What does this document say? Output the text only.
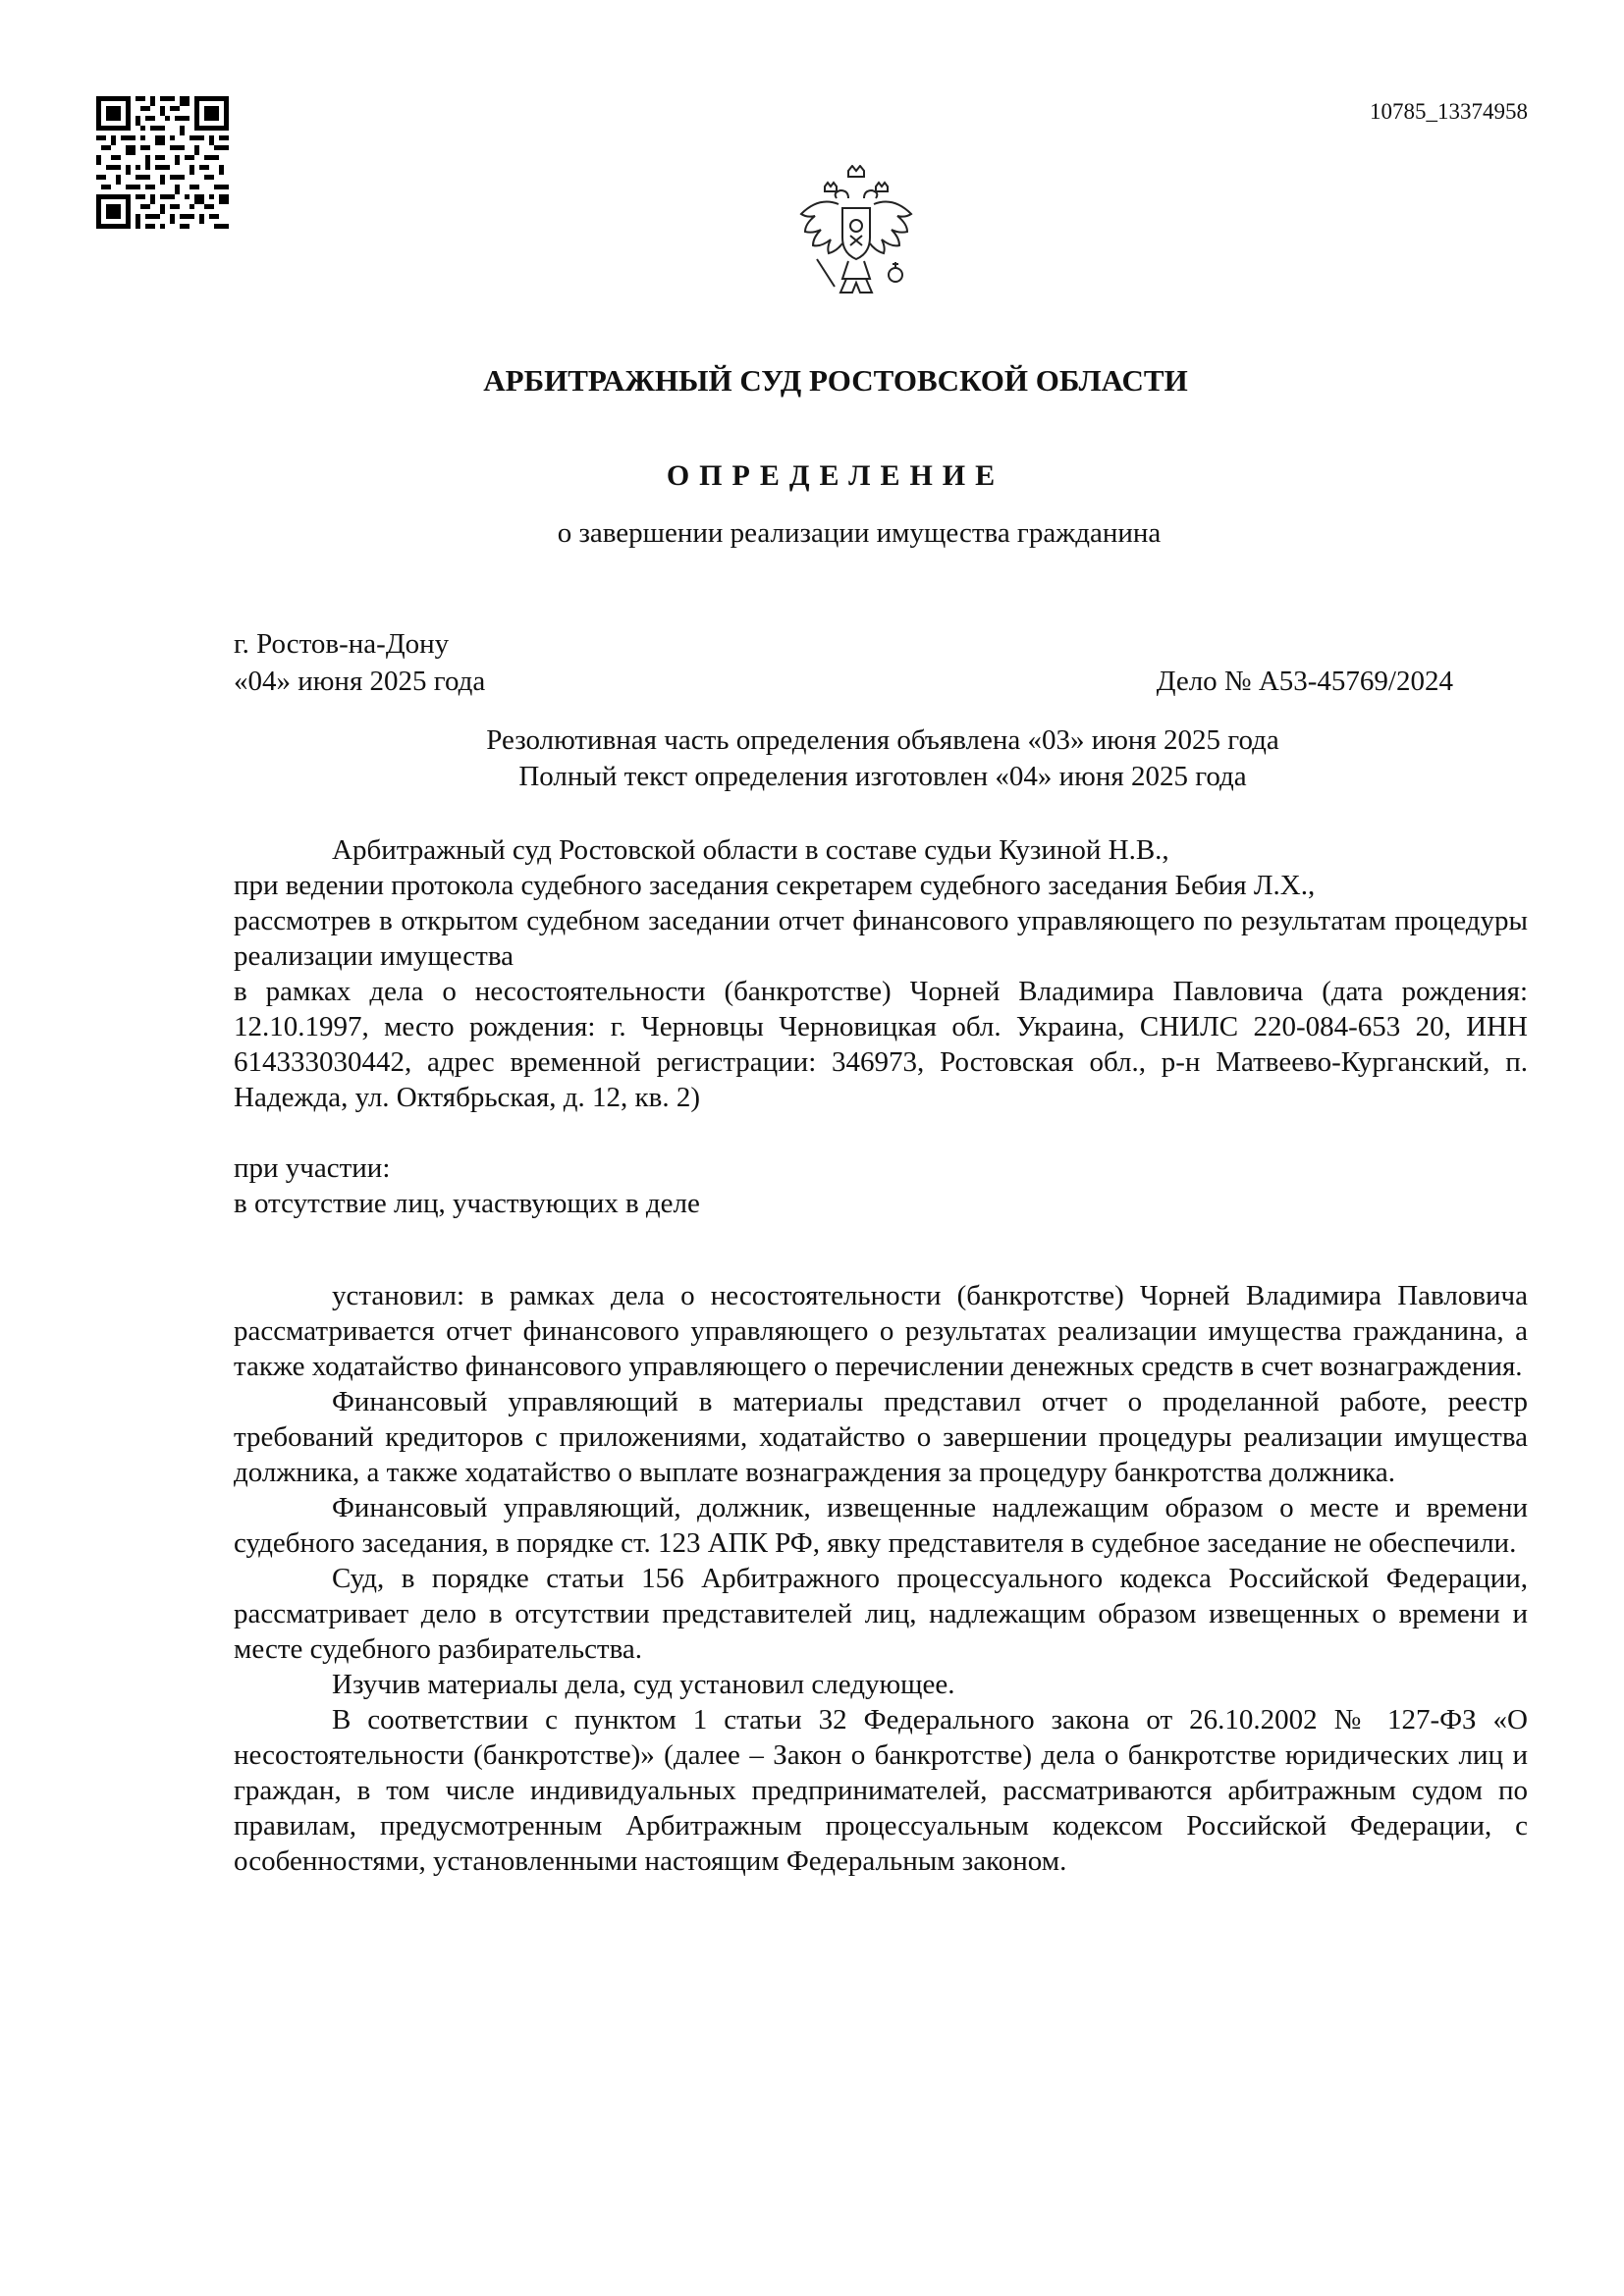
10785_13374958
АРБИТРАЖНЫЙ СУД РОСТОВСКОЙ ОБЛАСТИ
ОПРЕДЕЛЕНИЕ
о завершении реализации имущества гражданина
г. Ростов-на-Дону
«04» июня 2025 года	Дело № А53-45769/2024
Резолютивная часть определения объявлена «03» июня 2025 года
Полный текст определения изготовлен «04» июня 2025 года

Арбитражный суд Ростовской области в составе судьи Кузиной Н.В.,

при ведении протокола судебного заседания секретарем судебного заседания Бебия Л.Х.,

рассмотрев в открытом судебном заседании отчет финансового управляющего по результатам процедуры реализации имущества

в рамках дела о несостоятельности (банкротстве) Чорней Владимира Павловича (дата рождения: 12.10.1997, место рождения: г. Черновцы Черновицкая обл. Украина, СНИЛС 220-084-653 20, ИНН 614333030442, адрес временной регистрации: 346973, Ростовская обл., р-н Матвеево-Курганский, п. Надежда, ул. Октябрьская, д. 12, кв. 2)

при участии:

в отсутствие лиц, участвующих в деле

установил: в рамках дела о несостоятельности (банкротстве) Чорней Владимира Павловича рассматривается отчет финансового управляющего о результатах реализации имущества гражданина, а также ходатайство финансового управляющего о перечислении денежных средств в счет вознаграждения.

Финансовый управляющий в материалы представил отчет о проделанной работе, реестр требований кредиторов с приложениями, ходатайство о завершении процедуры реализации имущества должника, а также ходатайство о выплате вознаграждения за процедуру банкротства должника.

Финансовый управляющий, должник, извещенные надлежащим образом о месте и времени судебного заседания, в порядке ст. 123 АПК РФ, явку представителя в судебное заседание не обеспечили.

Суд, в порядке статьи 156 Арбитражного процессуального кодекса Российской Федерации, рассматривает дело в отсутствии представителей лиц, надлежащим образом извещенных о времени и месте судебного разбирательства.

Изучив материалы дела, суд установил следующее.

В соответствии с пунктом 1 статьи 32 Федерального закона от 26.10.2002 № 127-ФЗ «О несостоятельности (банкротстве)» (далее – Закон о банкротстве) дела о банкротстве юридических лиц и граждан, в том числе индивидуальных предпринимателей, рассматриваются арбитражным судом по правилам, предусмотренным Арбитражным процессуальным кодексом Российской Федерации, с особенностями, установленными настоящим Федеральным законом.
